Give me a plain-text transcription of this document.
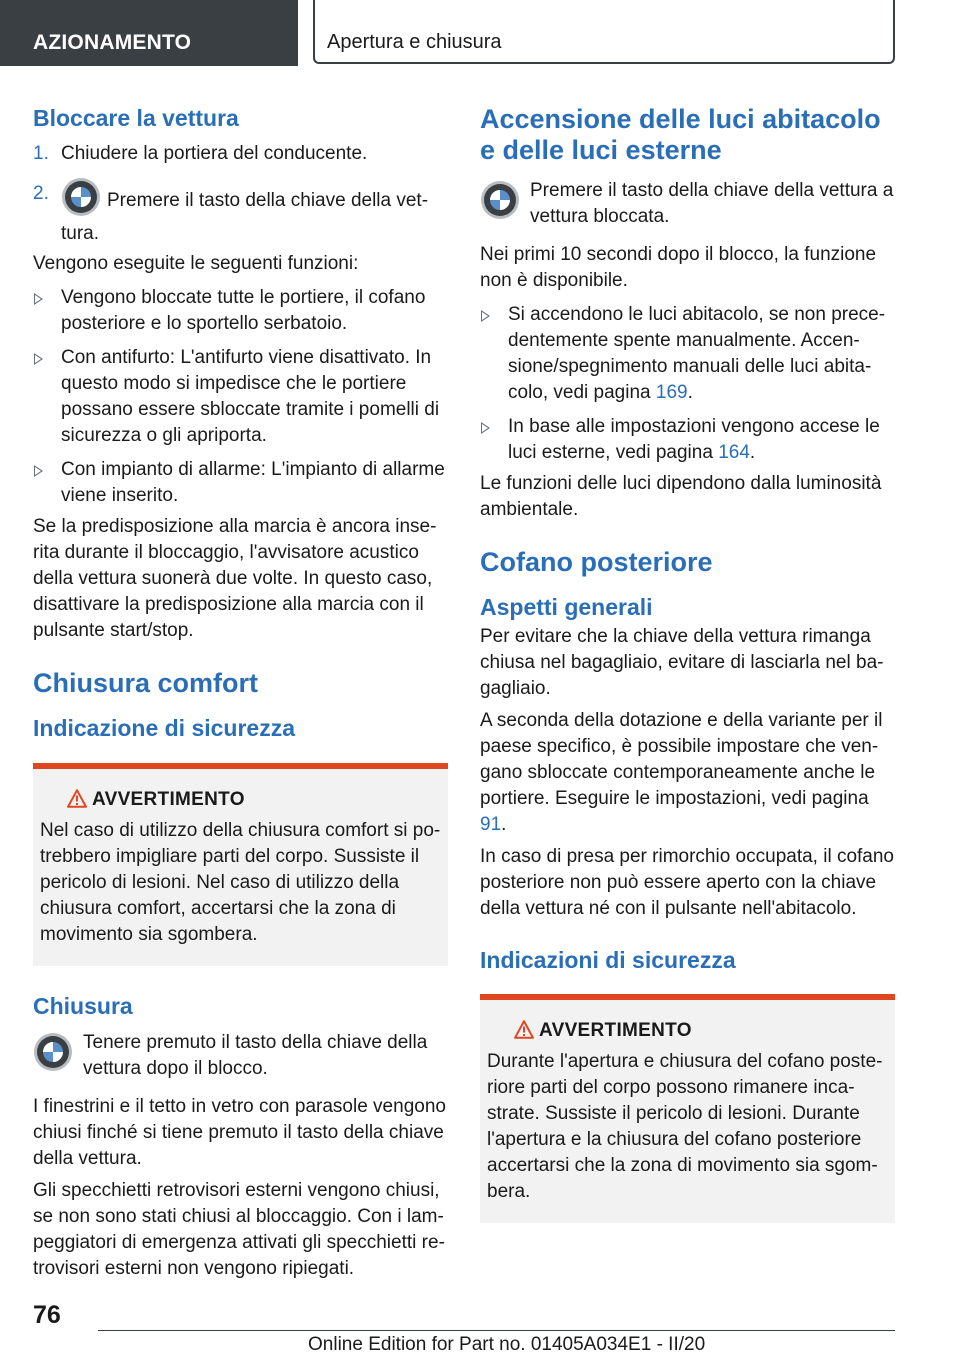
AZIONAMENTO	Apertura e chiusura
Bloccare la vettura
1. Chiudere la portiera del conducente.
2.	Premere il tasto della chiave della vet-
tura.
Vengono eseguite le seguenti funzioni:
Vengono bloccate tutte le portiere, il cofano posteriore e lo sportello serbatoio.
Con antifurto: L'antifurto viene disattivato. In questo modo si impedisce che le portiere possano essere sbloccate tramite i pomelli di sicurezza o gli apriporta.
Con impianto di allarme: L'impianto di allarme viene inserito.
Se la predisposizione alla marcia è ancora inserita durante il bloccaggio, l'avvisatore acustico della vettura suonerà due volte. In questo caso, disattivare la predisposizione alla marcia con il pulsante start/stop.
Chiusura comfort
Indicazione di sicurezza
AVVERTIMENTO
Nel caso di utilizzo della chiusura comfort si potrebbero impigliare parti del corpo. Sussiste il pericolo di lesioni. Nel caso di utilizzo della chiusura comfort, accertarsi che la zona di movimento sia sgombera.
Chiusura
Tenere premuto il tasto della chiave della vettura dopo il blocco.
I finestrini e il tetto in vetro con parasole vengono chiusi finché si tiene premuto il tasto della chiave della vettura.
Gli specchietti retrovisori esterni vengono chiusi, se non sono stati chiusi al bloccaggio. Con i lampeggiatori di emergenza attivati gli specchietti retrovisori esterni non vengono ripiegati.
Accensione delle luci abitacolo e delle luci esterne
Premere il tasto della chiave della vettura a vettura bloccata.
Nei primi 10 secondi dopo il blocco, la funzione non è disponibile.
Si accendono le luci abitacolo, se non precedentemente spente manualmente. Accensione/spegnimento manuali delle luci abitacolo, vedi pagina 169.
In base alle impostazioni vengono accese le luci esterne, vedi pagina 164.
Le funzioni delle luci dipendono dalla luminosità ambientale.
Cofano posteriore
Aspetti generali
Per evitare che la chiave della vettura rimanga chiusa nel bagagliaio, evitare di lasciarla nel bagagliaio.
A seconda della dotazione e della variante per il paese specifico, è possibile impostare che vengano sbloccate contemporaneamente anche le portiere. Eseguire le impostazioni, vedi pagina 91.
In caso di presa per rimorchio occupata, il cofano posteriore non può essere aperto con la chiave della vettura né con il pulsante nell'abitacolo.
Indicazioni di sicurezza
AVVERTIMENTO
Durante l'apertura e chiusura del cofano posteriore parti del corpo possono rimanere incastrate. Sussiste il pericolo di lesioni. Durante l'apertura e la chiusura del cofano posteriore accertarsi che la zona di movimento sia sgombera.
76
Online Edition for Part no. 01405A034E1 - II/20
